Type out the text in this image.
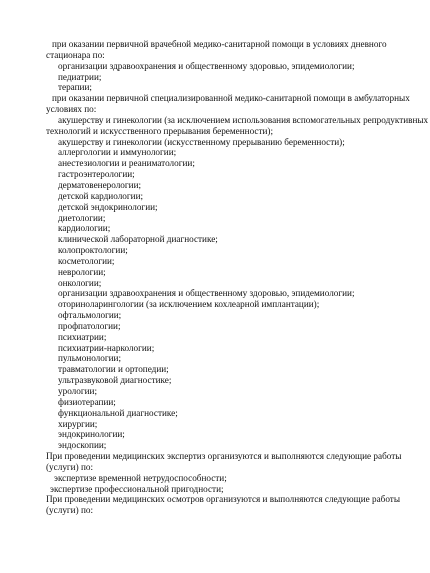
при оказании первичной врачебной медико-санитарной помощи в условиях дневного

стационара по:

организации здравоохранения и общественному здоровью, эпидемиологии;

педиатрии;

терапии;

при оказании первичной специализированной медико-санитарной помощи в амбулаторных

условиях по:

акушерству и гинекологии (за исключением использования вспомогательных репродуктивных

технологий и искусственного прерывания беременности);

акушерству и гинекологии (искусственному прерыванию беременности);

аллергологии и иммунологии;

анестезиологии и реаниматологии;

гастроэнтерологии;

дерматовенерологии;

детской кардиологии;

детской эндокринологии;

диетологии;

кардиологии;

клинической лабораторной диагностике;

колопроктологии;

косметологии;

неврологии;

онкологии;

организации здравоохранения и общественному здоровью, эпидемиологии;

оториноларингологии (за исключением кохлеарной имплантации);

офтальмологии;

профпатологии;

психиатрии;

психиатрии-наркологии;

пульмонологии;

травматологии и ортопедии;

ультразвуковой диагностике;

урологии;

физиотерапии;

функциональной диагностике;

хирургии;

эндокринологии;

эндоскопии;

При проведении медицинских экспертиз организуются и выполняются следующие работы

(услуги) по:

экспертизе временной нетрудоспособности;

экспертизе профессиональной пригодности;

При проведении медицинских осмотров организуются и выполняются следующие работы

(услуги) по:
